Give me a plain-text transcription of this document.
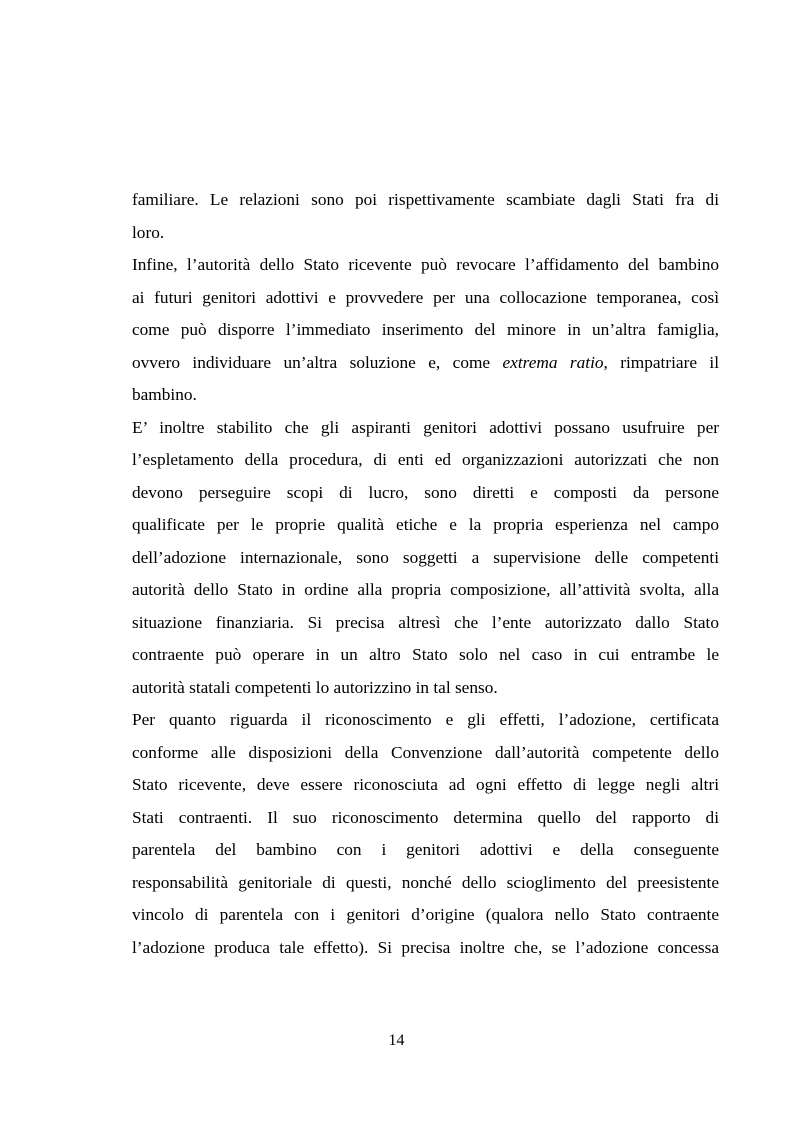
familiare. Le relazioni sono poi rispettivamente scambiate dagli Stati fra di
loro.
Infine, l’autorità dello Stato ricevente può revocare l’affidamento del bambino
ai futuri genitori adottivi e provvedere per una collocazione temporanea, così
come può disporre l’immediato inserimento del minore in un’altra famiglia,
ovvero individuare un’altra soluzione e, come extrema ratio, rimpatriare il
bambino.
E’ inoltre stabilito che gli aspiranti genitori adottivi possano usufruire per
l’espletamento della procedura, di enti ed organizzazioni autorizzati che non
devono perseguire scopi di lucro, sono diretti e composti da persone
qualificate per le proprie qualità etiche e la propria esperienza nel campo
dell’adozione internazionale, sono soggetti a supervisione delle competenti
autorità dello Stato in ordine alla propria composizione, all’attività svolta, alla
situazione finanziaria. Si precisa altresì che l’ente autorizzato dallo Stato
contraente può operare in un altro Stato solo nel caso in cui entrambe le
autorità statali competenti lo autorizzino in tal senso.
Per quanto riguarda il riconoscimento e gli effetti, l’adozione, certificata
conforme alle disposizioni della Convenzione dall’autorità competente dello
Stato ricevente, deve essere riconosciuta ad ogni effetto di legge negli altri
Stati contraenti. Il suo riconoscimento determina quello del rapporto di
parentela del bambino con i genitori adottivi e della conseguente
responsabilità genitoriale di questi, nonché dello scioglimento del preesistente
vincolo di parentela con i genitori d’origine (qualora nello Stato contraente
l’adozione produca tale effetto). Si precisa inoltre che, se l’adozione concessa
14
